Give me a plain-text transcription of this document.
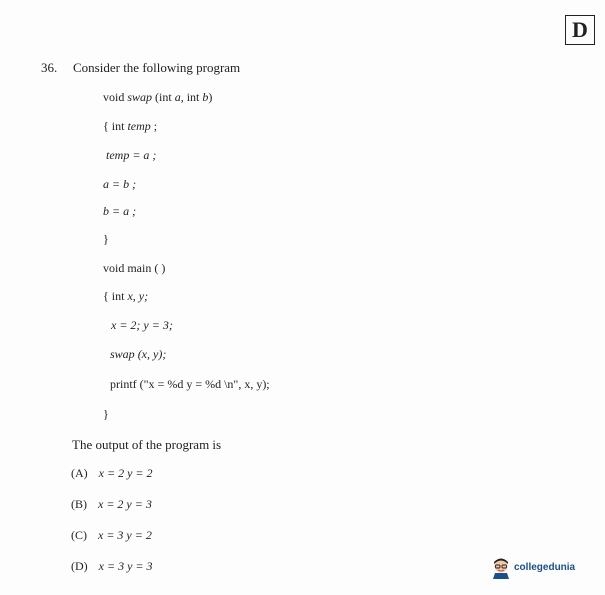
D
36. Consider the following program
void swap (int a, int b)
{ int temp ;
temp = a ;
a = b ;
b = a ;
}
void main ( )
{ int x, y;
x = 2; y = 3;
swap (x, y);
printf ("x = %d y = %d \n", x, y);
}
The output of the program is
(A) x = 2 y = 2
(B) x = 2 y = 3
(C) x = 3 y = 2
(D) x = 3 y = 3	collegedunia
